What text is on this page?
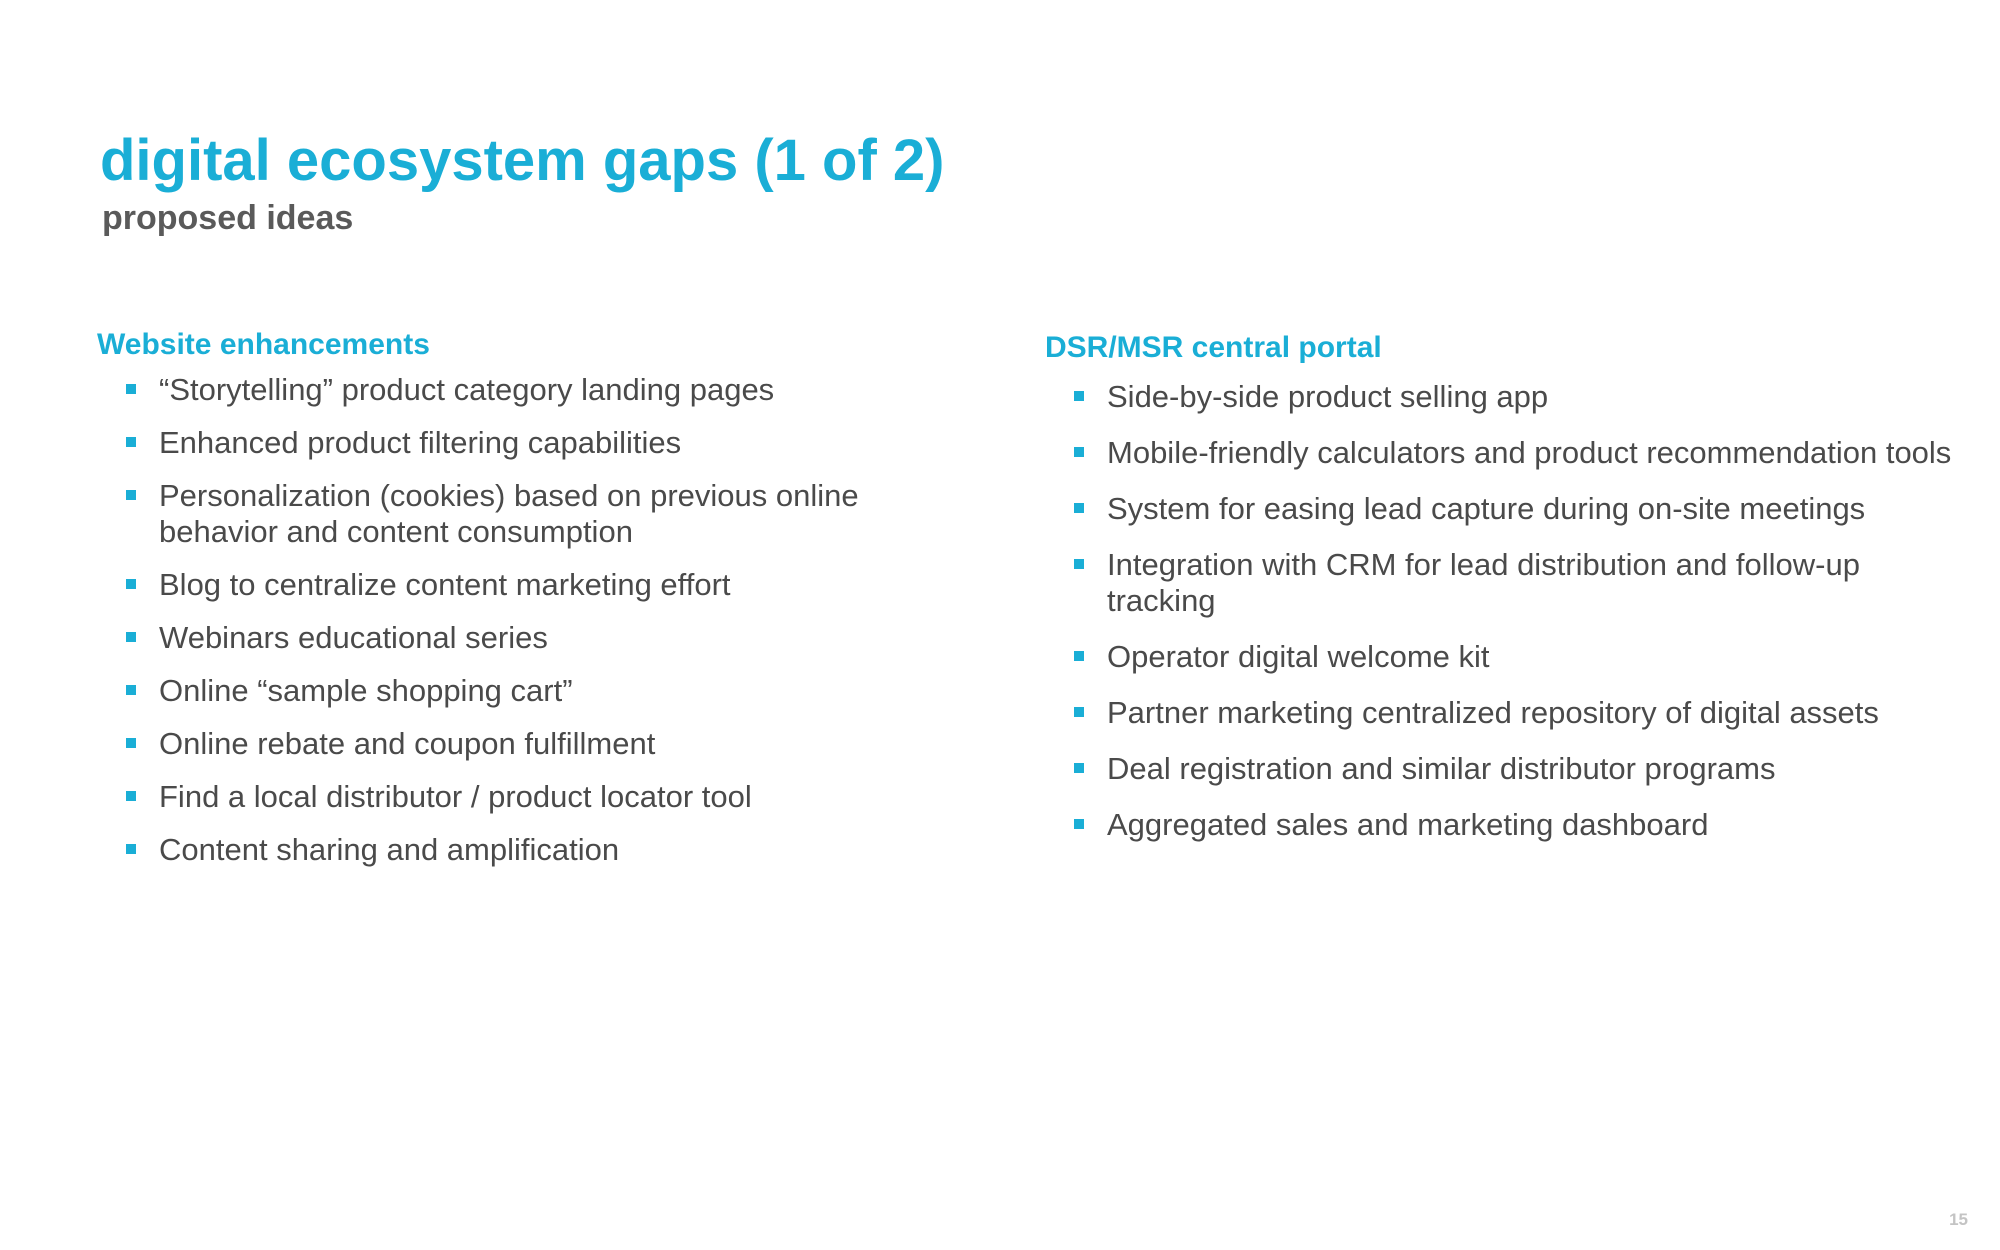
digital ecosystem gaps (1 of 2)
proposed ideas
Website enhancements
“Storytelling” product category landing pages
Enhanced product filtering capabilities
Personalization (cookies) based on previous online behavior and content consumption
Blog to centralize content marketing effort
Webinars educational series
Online “sample shopping cart”
Online rebate and coupon fulfillment
Find a local distributor / product locator tool
Content sharing and amplification
DSR/MSR central portal
Side-by-side product selling app
Mobile-friendly calculators and product recommendation tools
System for easing lead capture during on-site meetings
Integration with CRM for lead distribution and follow-up tracking
Operator digital welcome kit
Partner marketing centralized repository of digital assets
Deal registration and similar distributor programs
Aggregated sales and marketing dashboard
15
